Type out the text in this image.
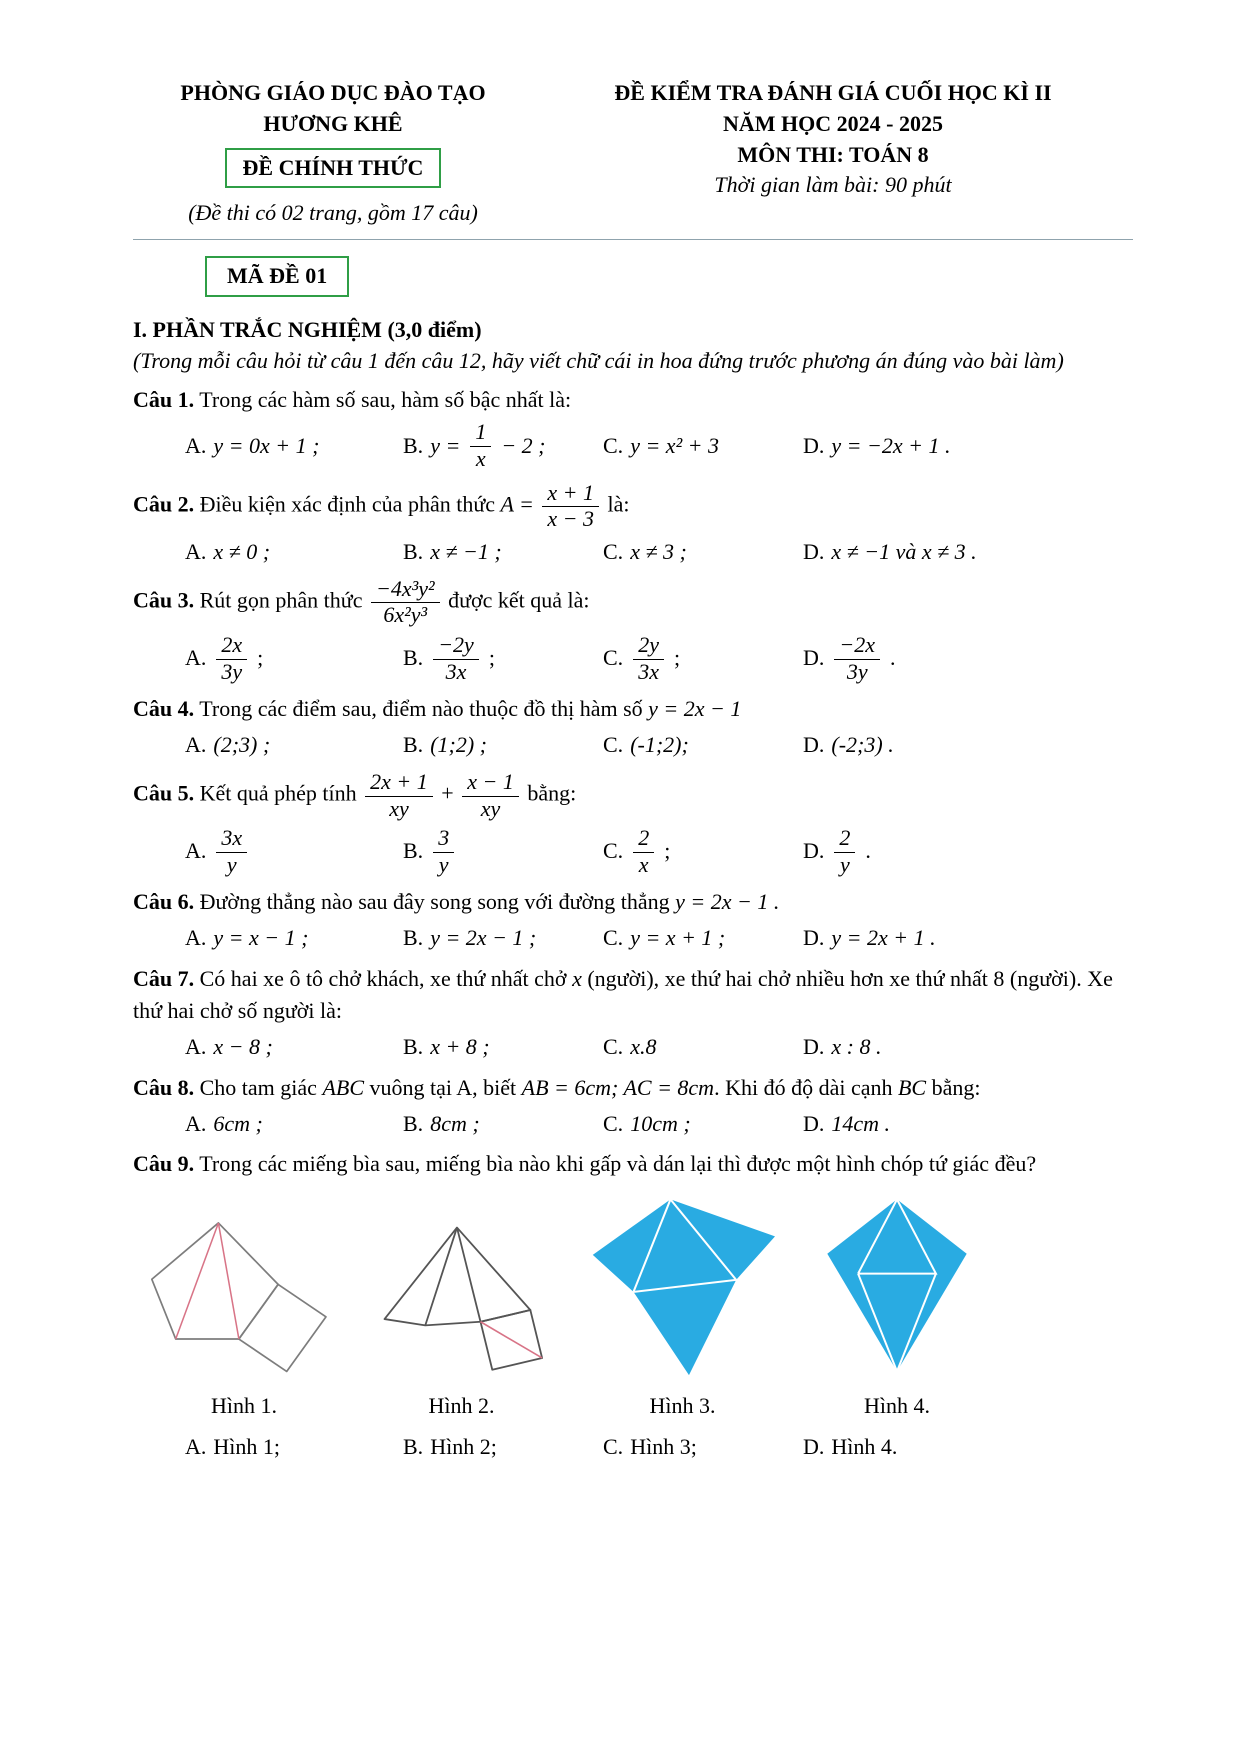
PHÒNG GIÁO DỤC ĐÀO TẠO
HƯƠNG KHÊ
ĐỀ CHÍNH THỨC
(Đề thi có 02 trang, gồm 17 câu)
ĐỀ KIỂM TRA ĐÁNH GIÁ CUỐI HỌC KÌ II
NĂM HỌC 2024 - 2025
MÔN THI: TOÁN 8
Thời gian làm bài: 90 phút
MÃ ĐỀ 01
I. PHẦN TRẮC NGHIỆM (3,0 điểm)
(Trong mỗi câu hỏi từ câu 1 đến câu 12, hãy viết chữ cái in hoa đứng trước phương án đúng vào bài làm)

Câu 1. Trong các hàm số sau, hàm số bậc nhất là:

A. y = 0x + 1 ;	B. $y = \frac{1}{x} - 2$ ;	C. y = x² + 3	D. y = −2x + 1 .

Câu 2. Điều kiện xác định của phân thức $A = \frac{x + 1}{x - 3}$ là:

A. x ≠ 0 ;	B. x ≠ −1 ;	C. x ≠ 3 ;	D. x ≠ −1 và x ≠ 3 .

Câu 3. Rút gọn phân thức $\frac{\text{−4x³y²}}{\text{6x²y³}}$ được kết quả là:

A. $\frac{2x}{3y}$ ;	B. $\frac{-2y}{3x}$ ;	C. $\frac{2y}{3x}$ ;	D. $\frac{-2x}{3y}$ .

Câu 4. Trong các điểm sau, điểm nào thuộc đồ thị hàm số y = 2x − 1

A. (2;3) ;	B. (1;2) ;	C. (-1;2);	D. (-2;3) .

Câu 5. Kết quả phép tính $\frac{2x + 1}{xy} + \frac{x - 1}{xy}$ bằng:

A. $\frac{3x}{y}$	B. $\frac{3}{y}$	C. $\frac{2}{x}$ ;	D. $\frac{2}{y}$ .

Câu 6. Đường thẳng nào sau đây song song với đường thẳng y = 2x − 1 .

A. y = x − 1 ;	B. y = 2x − 1 ;	C. y = x + 1 ;	D. y = 2x + 1 .

Câu 7. Có hai xe ô tô chở khách, xe thứ nhất chở x (người), xe thứ hai chở nhiều hơn xe thứ nhất 8 (người). Xe thứ hai chở số người là:

A. x − 8 ;	B. x + 8 ;	C. x.8	D. x : 8 .

Câu 8. Cho tam giác ABC vuông tại A, biết AB = 6cm; AC = 8cm. Khi đó độ dài cạnh BC bằng:

A. 6cm ;	B. 8cm ;	C. 10cm ;	D. 14cm .

Câu 9. Trong các miếng bìa sau, miếng bìa nào khi gấp và dán lại thì được một hình chóp tứ giác đều?

Hình 1.	Hình 2.	Hình 3.	Hình 4.
A. Hình 1;	B. Hình 2;	C. Hình 3;	D. Hình 4.
